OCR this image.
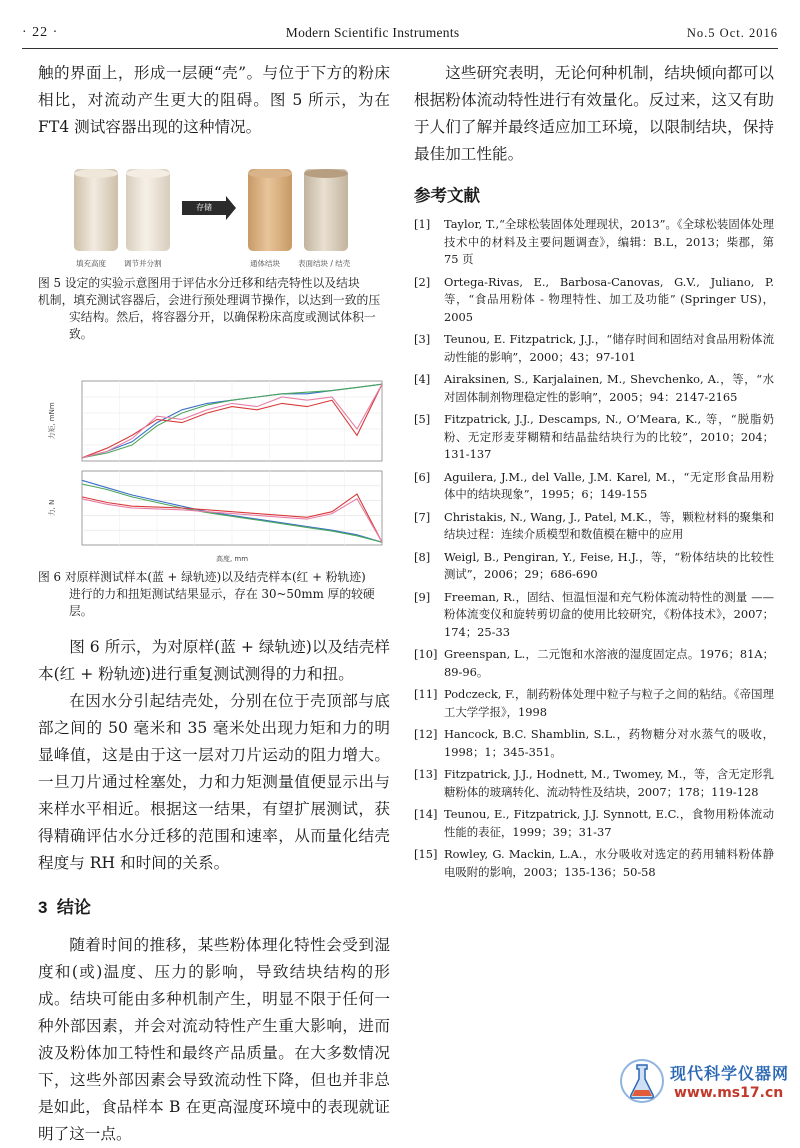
· 22 ·	Modern Scientific Instruments	No.5 Oct. 2016

触的界面上，形成一层硬“壳”。与位于下方的粉床相比，对流动产生更大的阻碍。图 5 所示，为在 FT4 测试容器出现的这种情况。

存储
填充高度 调节并分割	通体结块 表面结块 / 结壳
图 5 设定的实验示意图用于评估水分迁移和结壳特性以及结块
机制，填充测试容器后，会进行预处理调节操作，以达到一致的压
实结构。然后，将容器分开，以确保粉床高度或测试体积一致。
力矩, mNm
力, N
高度, mm
图 6 对原样测试样本(蓝 + 绿轨迹)以及结壳样本(红 + 粉轨迹)
进行的力和扭矩测试结果显示，存在 30~50mm 厚的较硬层。

图 6 所示，为对原样(蓝 + 绿轨迹)以及结壳样本(红 + 粉轨迹)进行重复测试测得的力和扭。

在因水分引起结壳处，分别在位于壳顶部与底部之间的 50 毫米和 35 毫米处出现力矩和力的明显峰值，这是由于这一层对刀片运动的阻力增大。一旦刀片通过栓塞处，力和力矩测量值便显示出与来样水平相近。根据这一结果，有望扩展测试，获得精确评估水分迁移的范围和速率，从而量化结壳程度与 RH 和时间的关系。

3 结论

随着时间的推移，某些粉体理化特性会受到湿度和(或)温度、压力的影响，导致结块结构的形成。结块可能由多种机制产生，明显不限于任何一种外部因素，并会对流动特性产生重大影响，进而波及粉体加工特性和最终产品质量。在大多数情况下，这些外部因素会导致流动性下降，但也并非总是如此，食品样本 B 在更高湿度环境中的表现就证明了这一点。

这些研究表明，无论何种机制，结块倾向都可以根据粉体流动特性进行有效量化。反过来，这又有助于人们了解并最终适应加工环境，以限制结块，保持最佳加工性能。

参考文献
[1]	Taylor, T.,“全球松装固体处理现状，2013”。《全球松装固体处理技术中的材料及主要问题调查》，编辑：B.L，2013；柴郡，第 75 页
[2]	Ortega-Rivas, E., Barbosa-Canovas, G.V., Juliano, P. 等，“食品用粉体 - 物理特性、加工及功能” (Springer US)，2005
[3]	Teunou, E. Fitzpatrick, J.J.，“储存时间和固结对食品用粉体流动性能的影响”，2000；43；97-101
[4]	Airaksinen, S., Karjalainen, M., Shevchenko, A.，等，“水对固体制剂物理稳定性的影响”，2005；94：2147-2165
[5]	Fitzpatrick, J.J., Descamps, N., O’Meara, K., 等，“脱脂奶粉、无定形麦芽糊精和结晶盐结块行为的比较”，2010；204；131-137
[6]	Aguilera, J.M., del Valle, J.M. Karel, M.，“无定形食品用粉体中的结块现象”，1995；6；149-155
[7]	Christakis, N., Wang, J., Patel, M.K.，等，颗粒材料的聚集和结块过程：连续介质模型和数值模在糖中的应用
[8]	Weigl, B., Pengiran, Y., Feise, H.J.，等，“粉体结块的比较性测试”，2006；29；686-690
[9]	Freeman, R.，固结、恒温恒湿和充气粉体流动特性的测量 —— 粉体流变仪和旋转剪切盒的使用比较研究，《粉体技术》，2007；174；25-33
[10] Greenspan, L.，二元饱和水溶液的湿度固定点。1976；81A；89-96。
[11] Podczeck, F.，制药粉体处理中粒子与粒子之间的粘结。《帝国理工大学学报》，1998
[12] Hancock, B.C. Shamblin, S.L.，药物糖分对水蒸气的吸收，1998；1；345-351。
[13] Fitzpatrick, J.J., Hodnett, M., Twomey, M.，等，含无定形乳糖粉体的玻璃转化、流动特性及结块，2007；178；119-128
[14] Teunou, E., Fitzpatrick, J.J. Synnott, E.C.，食物用粉体流动性能的表征，1999；39；31-37
[15] Rowley, G. Mackin, L.A.，水分吸收对选定的药用辅料粉体静电吸附的影响，2003；135-136；50-58
现代科学仪器网
www.ms17.cn
